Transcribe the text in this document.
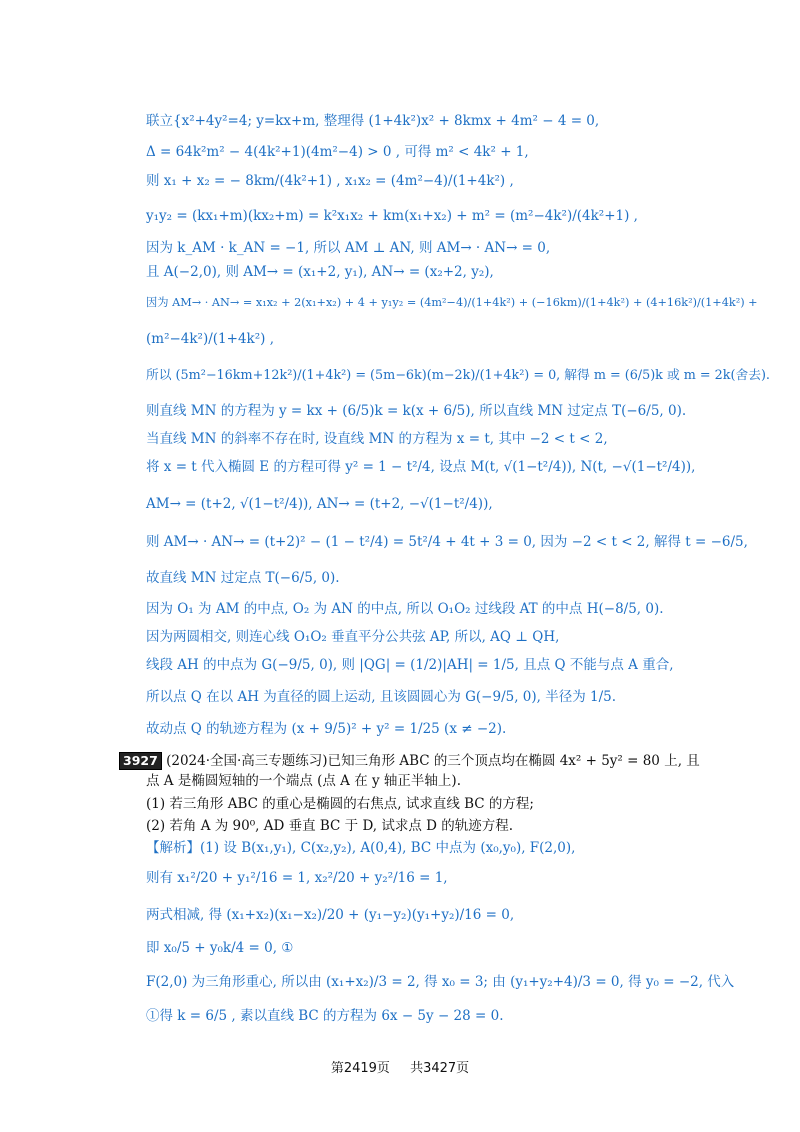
联立{x²+4y²=4; y=kx+m, 整理得 (1+4k²)x² + 8kmx + 4m² − 4 = 0,
Δ = 64k²m² − 4(4k²+1)(4m²−4) > 0 , 可得 m² < 4k² + 1,
则 x₁ + x₂ = − 8km/(4k²+1) , x₁x₂ = (4m²−4)/(1+4k²) ,
y₁y₂ = (kx₁+m)(kx₂+m) = k²x₁x₂ + km(x₁+x₂) + m² = (m²−4k²)/(4k²+1) ,
因为 k_AM · k_AN = −1, 所以 AM ⊥ AN, 则 AM→ · AN→ = 0,
且 A(−2,0), 则 AM→ = (x₁+2, y₁), AN→ = (x₂+2, y₂),
因为 AM→ · AN→ = x₁x₂ + 2(x₁+x₂) + 4 + y₁y₂ = (4m²−4)/(1+4k²) + (−16km)/(1+4k²) + (4+16k²)/(1+4k²) +
(m²−4k²)/(1+4k²) ,
所以 (5m²−16km+12k²)/(1+4k²) = (5m−6k)(m−2k)/(1+4k²) = 0, 解得 m = (6/5)k 或 m = 2k(舍去).
则直线 MN 的方程为 y = kx + (6/5)k = k(x + 6/5), 所以直线 MN 过定点 T(−6/5, 0).
当直线 MN 的斜率不存在时, 设直线 MN 的方程为 x = t, 其中 −2 < t < 2,
将 x = t 代入椭圆 E 的方程可得 y² = 1 − t²/4, 设点 M(t, √(1−t²/4)), N(t, −√(1−t²/4)),
AM→ = (t+2, √(1−t²/4)), AN→ = (t+2, −√(1−t²/4)),
则 AM→ · AN→ = (t+2)² − (1 − t²/4) = 5t²/4 + 4t + 3 = 0, 因为 −2 < t < 2, 解得 t = −6/5,
故直线 MN 过定点 T(−6/5, 0).
因为 O₁ 为 AM 的中点, O₂ 为 AN 的中点, 所以 O₁O₂ 过线段 AT 的中点 H(−8/5, 0).
因为两圆相交, 则连心线 O₁O₂ 垂直平分公共弦 AP, 所以, AQ ⊥ QH,
线段 AH 的中点为 G(−9/5, 0), 则 |QG| = (1/2)|AH| = 1/5, 且点 Q 不能与点 A 重合,
所以点 Q 在以 AH 为直径的圆上运动, 且该圆圆心为 G(−9/5, 0), 半径为 1/5.
故动点 Q 的轨迹方程为 (x + 9/5)² + y² = 1/25 (x ≠ −2).
3927 (2024·全国·高三专题练习)已知三角形 ABC 的三个顶点均在椭圆 4x² + 5y² = 80 上, 且
点 A 是椭圆短轴的一个端点 (点 A 在 y 轴正半轴上).
(1) 若三角形 ABC 的重心是椭圆的右焦点, 试求直线 BC 的方程;
(2) 若角 A 为 90⁰, AD 垂直 BC 于 D, 试求点 D 的轨迹方程.
【解析】(1) 设 B(x₁,y₁), C(x₂,y₂), A(0,4), BC 中点为 (x₀,y₀), F(2,0),
则有 x₁²/20 + y₁²/16 = 1, x₂²/20 + y₂²/16 = 1,
两式相减, 得 (x₁+x₂)(x₁−x₂)/20 + (y₁−y₂)(y₁+y₂)/16 = 0,
即 x₀/5 + y₀k/4 = 0, ①
F(2,0) 为三角形重心, 所以由 (x₁+x₂)/3 = 2, 得 x₀ = 3; 由 (y₁+y₂+4)/3 = 0, 得 y₀ = −2, 代入
①得 k = 6/5 , 素以直线 BC 的方程为 6x − 5y − 28 = 0.
第2419页 共3427页
